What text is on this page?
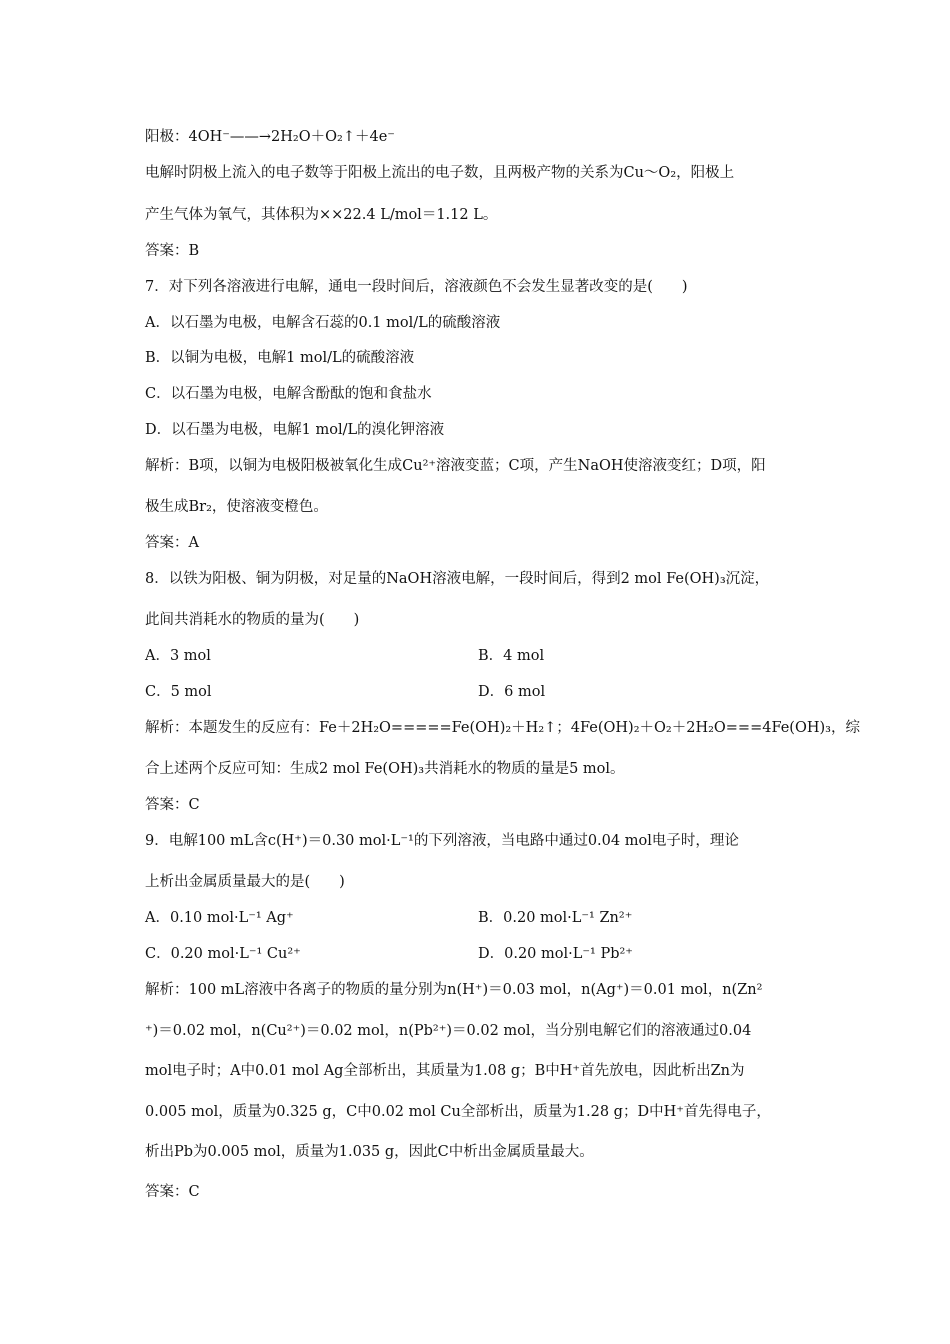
阳极：4OH⁻——→2H₂O＋O₂↑＋4e⁻
电解时阴极上流入的电子数等于阳极上流出的电子数，且两极产物的关系为Cu～O₂，阳极上
产生气体为氧气，其体积为××22.4 L/mol＝1.12 L。
答案：B
7．对下列各溶液进行电解，通电一段时间后，溶液颜色不会发生显著改变的是(　　)
A．以石墨为电极，电解含石蕊的0.1 mol/L的硫酸溶液
B．以铜为电极，电解1 mol/L的硫酸溶液
C．以石墨为电极，电解含酚酞的饱和食盐水
D．以石墨为电极，电解1 mol/L的溴化钾溶液
解析：B项，以铜为电极阳极被氧化生成Cu²⁺溶液变蓝；C项，产生NaOH使溶液变红；D项，阳
极生成Br₂，使溶液变橙色。
答案：A
8．以铁为阳极、铜为阴极，对足量的NaOH溶液电解，一段时间后，得到2 mol Fe(OH)₃沉淀，
此间共消耗水的物质的量为(　　)
A．3 mol	B．4 mol
C．5 mol	D．6 mol
解析：本题发生的反应有：Fe＋2H₂O=====Fe(OH)₂＋H₂↑；4Fe(OH)₂＋O₂＋2H₂O===4Fe(OH)₃，综
合上述两个反应可知：生成2 mol Fe(OH)₃共消耗水的物质的量是5 mol。
答案：C
9．电解100 mL含c(H⁺)＝0.30 mol·L⁻¹的下列溶液，当电路中通过0.04 mol电子时，理论
上析出金属质量最大的是(　　)
A．0.10 mol·L⁻¹ Ag⁺	B．0.20 mol·L⁻¹ Zn²⁺
C．0.20 mol·L⁻¹ Cu²⁺	D．0.20 mol·L⁻¹ Pb²⁺
解析：100 mL溶液中各离子的物质的量分别为n(H⁺)＝0.03 mol，n(Ag⁺)＝0.01 mol，n(Zn²
⁺)＝0.02 mol，n(Cu²⁺)＝0.02 mol，n(Pb²⁺)＝0.02 mol，当分别电解它们的溶液通过0.04
mol电子时；A中0.01 mol Ag全部析出，其质量为1.08 g；B中H⁺首先放电，因此析出Zn为
0.005 mol，质量为0.325 g，C中0.02 mol Cu全部析出，质量为1.28 g；D中H⁺首先得电子，
析出Pb为0.005 mol，质量为1.035 g，因此C中析出金属质量最大。
答案：C
